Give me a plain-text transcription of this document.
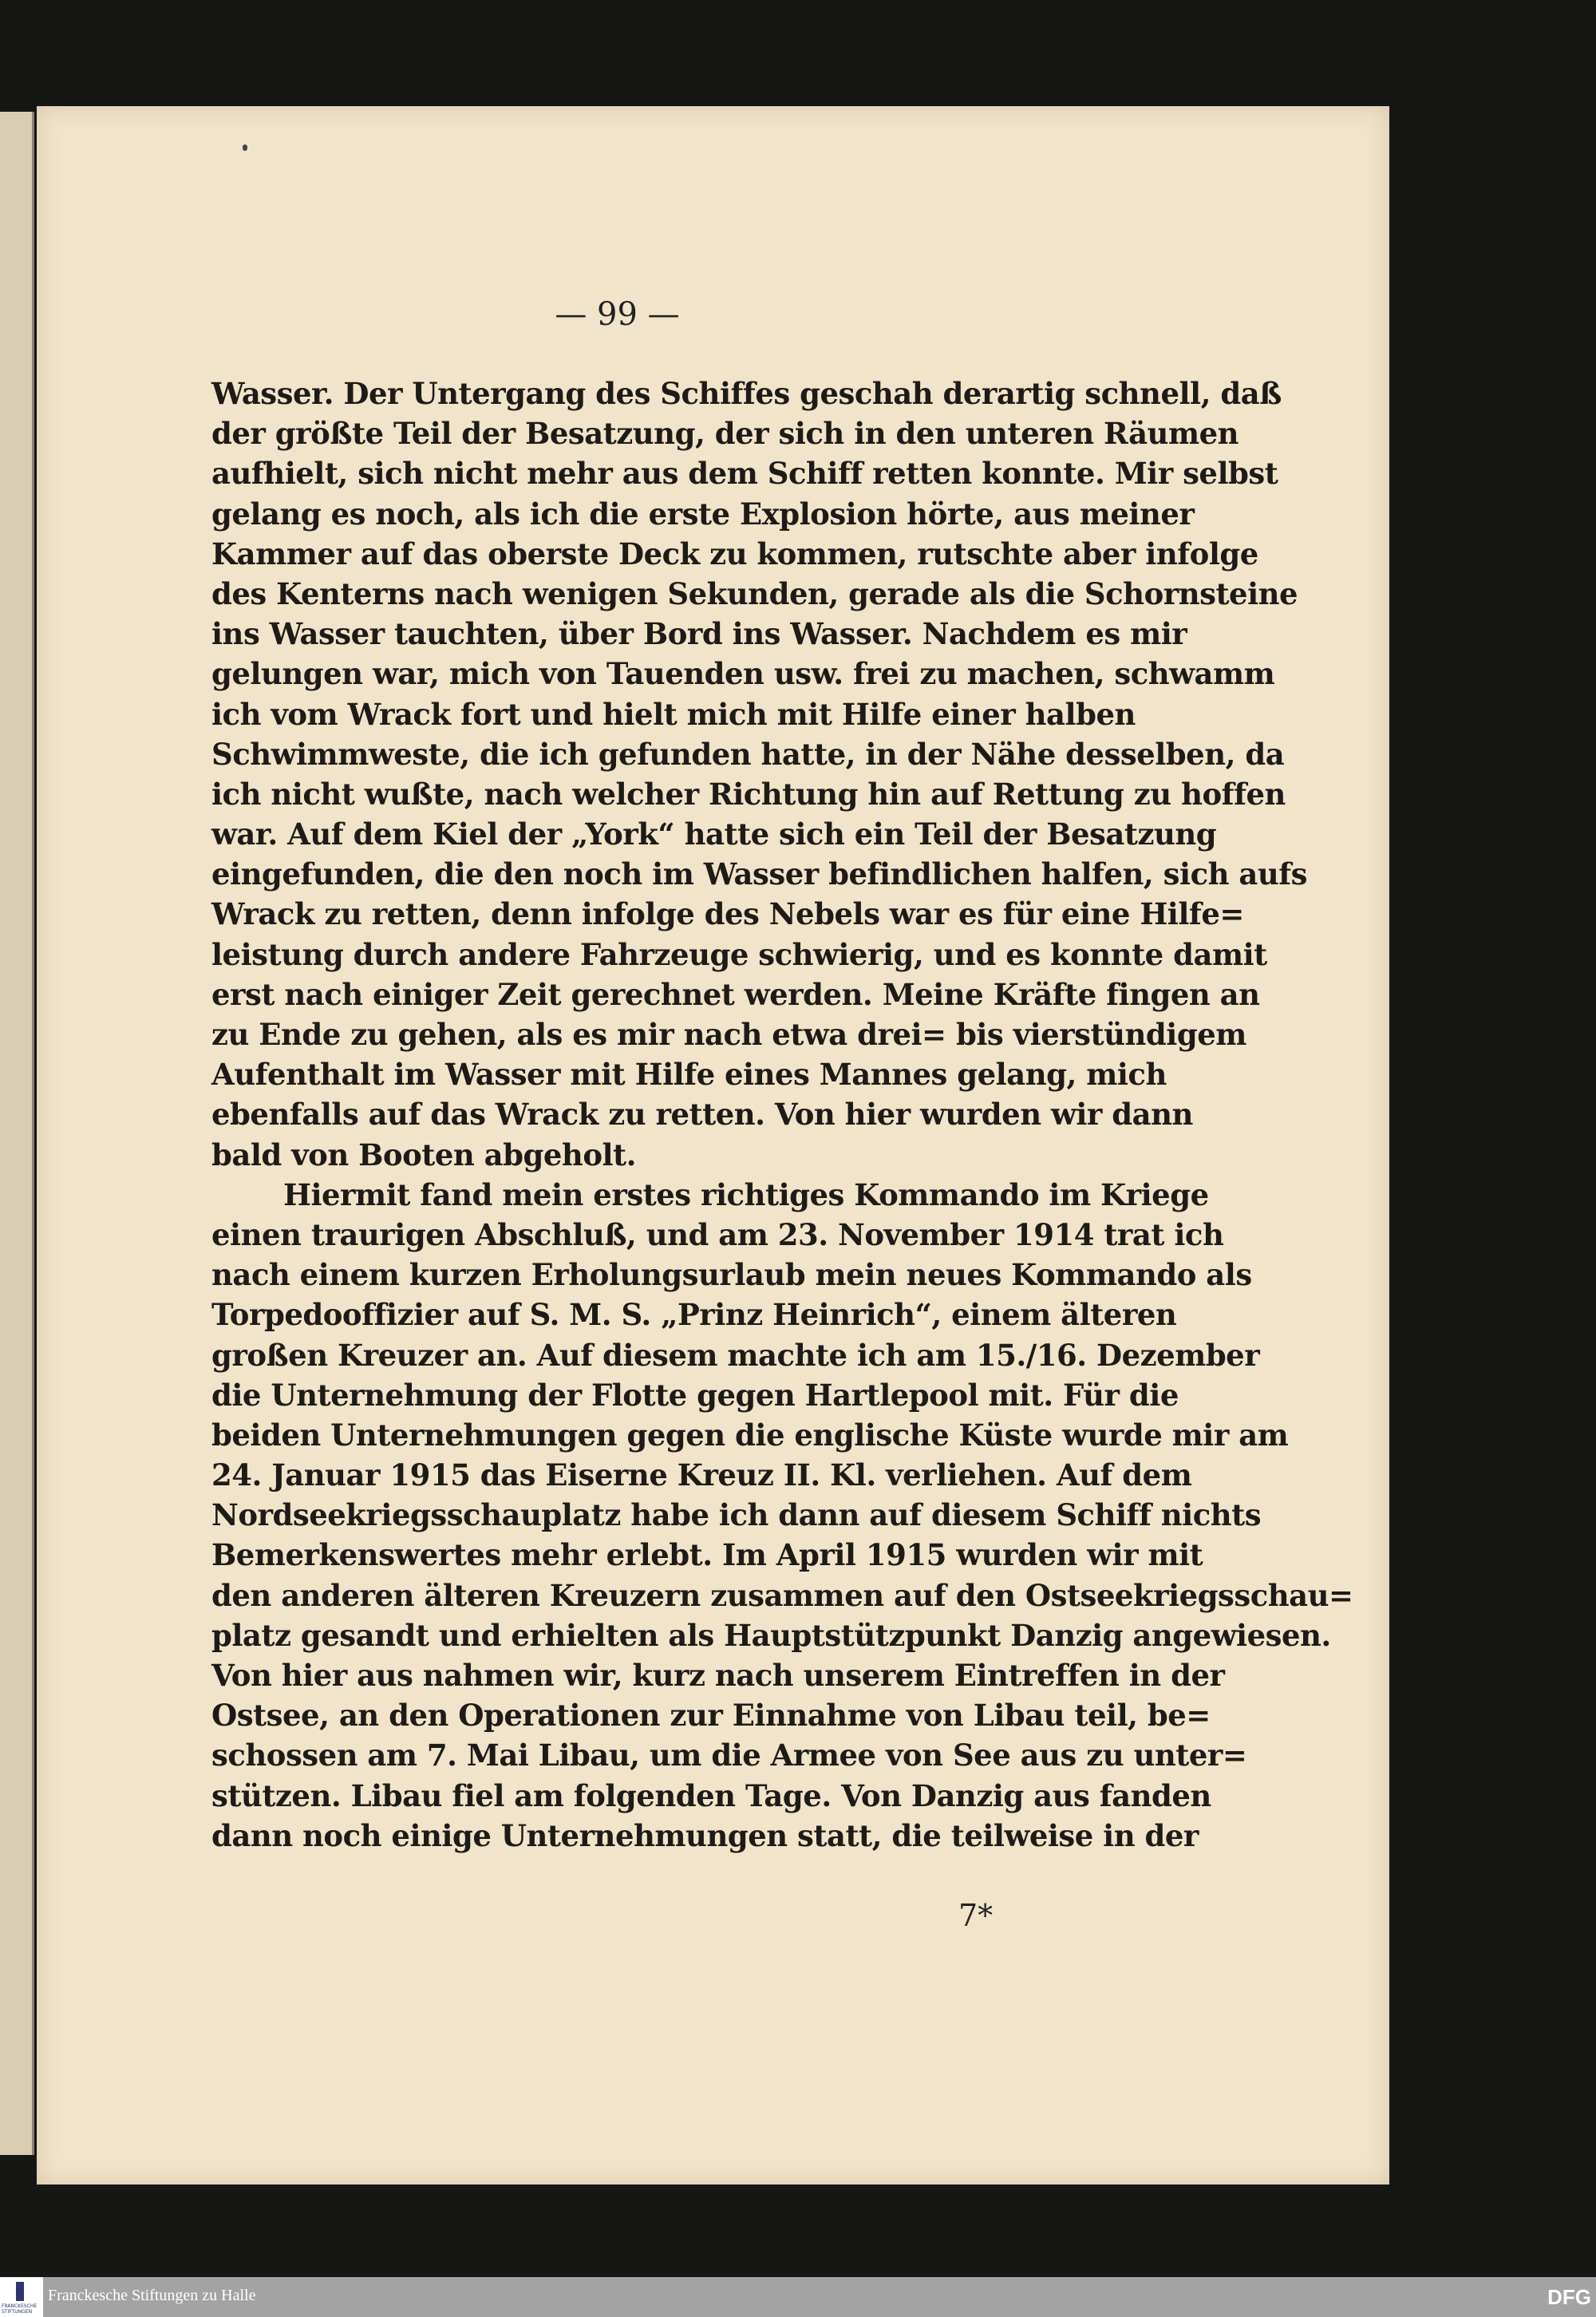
— 99 —
Wasser. Der Untergang des Schiffes geschah derartig schnell, daß
der größte Teil der Besatzung, der sich in den unteren Räumen
aufhielt, sich nicht mehr aus dem Schiff retten konnte. Mir selbst
gelang es noch, als ich die erste Explosion hörte, aus meiner
Kammer auf das oberste Deck zu kommen, rutschte aber infolge
des Kenterns nach wenigen Sekunden, gerade als die Schornsteine
ins Wasser tauchten, über Bord ins Wasser. Nachdem es mir
gelungen war, mich von Tauenden usw. frei zu machen, schwamm
ich vom Wrack fort und hielt mich mit Hilfe einer halben
Schwimmweste, die ich gefunden hatte, in der Nähe desselben, da
ich nicht wußte, nach welcher Richtung hin auf Rettung zu hoffen
war. Auf dem Kiel der „York“ hatte sich ein Teil der Besatzung
eingefunden, die den noch im Wasser befindlichen halfen, sich aufs
Wrack zu retten, denn infolge des Nebels war es für eine Hilfe=
leistung durch andere Fahrzeuge schwierig, und es konnte damit
erst nach einiger Zeit gerechnet werden. Meine Kräfte fingen an
zu Ende zu gehen, als es mir nach etwa drei= bis vierstündigem
Aufenthalt im Wasser mit Hilfe eines Mannes gelang, mich
ebenfalls auf das Wrack zu retten. Von hier wurden wir dann
bald von Booten abgeholt.
Hiermit fand mein erstes richtiges Kommando im Kriege
einen traurigen Abschluß, und am 23. November 1914 trat ich
nach einem kurzen Erholungsurlaub mein neues Kommando als
Torpedooffizier auf S. M. S. „Prinz Heinrich“, einem älteren
großen Kreuzer an. Auf diesem machte ich am 15./16. Dezember
die Unternehmung der Flotte gegen Hartlepool mit. Für die
beiden Unternehmungen gegen die englische Küste wurde mir am
24. Januar 1915 das Eiserne Kreuz II. Kl. verliehen. Auf dem
Nordseekriegsschauplatz habe ich dann auf diesem Schiff nichts
Bemerkenswertes mehr erlebt. Im April 1915 wurden wir mit
den anderen älteren Kreuzern zusammen auf den Ostseekriegsschau=
platz gesandt und erhielten als Hauptstützpunkt Danzig angewiesen.
Von hier aus nahmen wir, kurz nach unserem Eintreffen in der
Ostsee, an den Operationen zur Einnahme von Libau teil, be=
schossen am 7. Mai Libau, um die Armee von See aus zu unter=
stützen. Libau fiel am folgenden Tage. Von Danzig aus fanden
dann noch einige Unternehmungen statt, die teilweise in der
7*
FRANCKESCHE STIFTUNGEN
Franckesche Stiftungen zu Halle	DFG
